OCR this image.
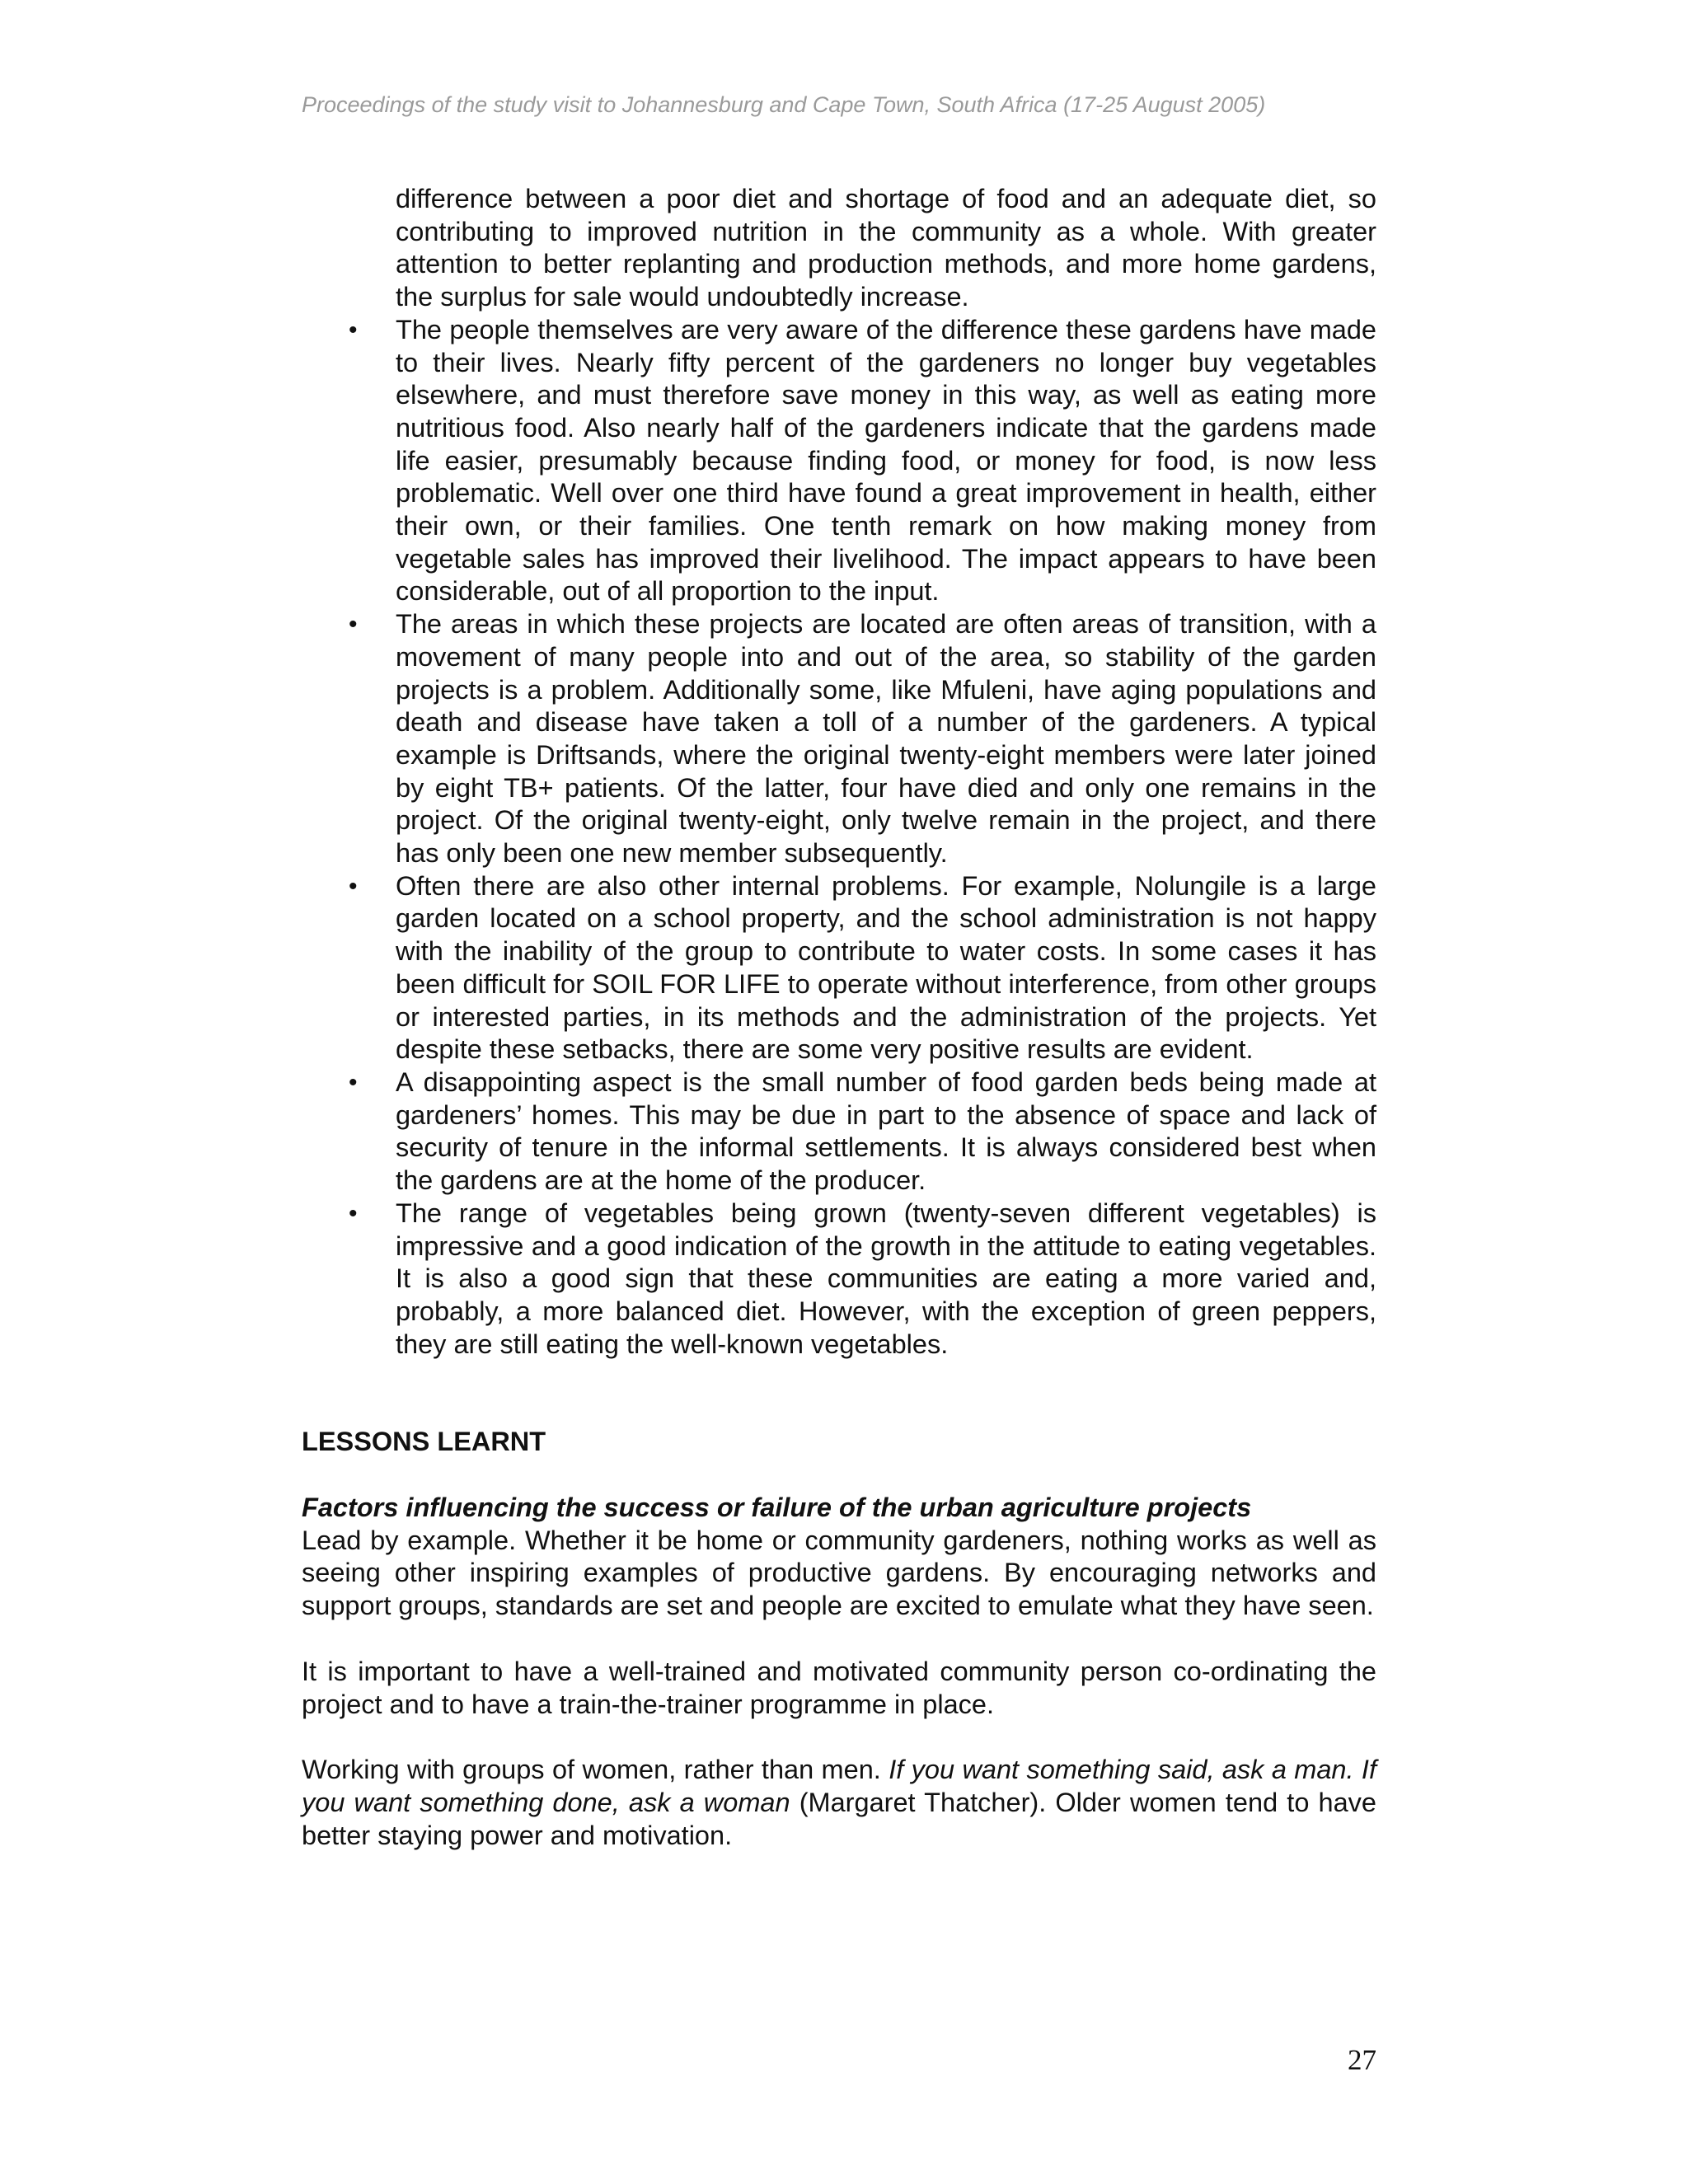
Proceedings of the study visit to Johannesburg and Cape Town, South Africa (17-25 August 2005)

difference between a poor diet and shortage of food and an adequate diet, so contributing to improved nutrition in the community as a whole. With greater attention to better replanting and production methods, and more home gardens, the surplus for sale would undoubtedly increase.

• The people themselves are very aware of the difference these gardens have made to their lives. Nearly fifty percent of the gardeners no longer buy vegetables elsewhere, and must therefore save money in this way, as well as eating more nutritious food. Also nearly half of the gardeners indicate that the gardens made life easier, presumably because finding food, or money for food, is now less problematic. Well over one third have found a great improvement in health, either their own, or their families. One tenth remark on how making money from vegetable sales has improved their livelihood. The impact appears to have been considerable, out of all proportion to the input.
• The areas in which these projects are located are often areas of transition, with a movement of many people into and out of the area, so stability of the garden projects is a problem. Additionally some, like Mfuleni, have aging populations and death and disease have taken a toll of a number of the gardeners. A typical example is Driftsands, where the original twenty-eight members were later joined by eight TB+ patients. Of the latter, four have died and only one remains in the project. Of the original twenty-eight, only twelve remain in the project, and there has only been one new member subsequently.
• Often there are also other internal problems. For example, Nolungile is a large garden located on a school property, and the school administration is not happy with the inability of the group to contribute to water costs. In some cases it has been difficult for SOIL FOR LIFE to operate without interference, from other groups or interested parties, in its methods and the administration of the projects. Yet despite these setbacks, there are some very positive results are evident.
• A disappointing aspect is the small number of food garden beds being made at gardeners’ homes. This may be due in part to the absence of space and lack of security of tenure in the informal settlements. It is always considered best when the gardens are at the home of the producer.
• The range of vegetables being grown (twenty-seven different vegetables) is impressive and a good indication of the growth in the attitude to eating vegetables. It is also a good sign that these communities are eating a more varied and, probably, a more balanced diet. However, with the exception of green peppers, they are still eating the well-known vegetables.

LESSONS LEARNT

Factors influencing the success or failure of the urban agriculture projects

Lead by example. Whether it be home or community gardeners, nothing works as well as seeing other inspiring examples of productive gardens. By encouraging networks and support groups, standards are set and people are excited to emulate what they have seen.

It is important to have a well-trained and motivated community person co-ordinating the project and to have a train-the-trainer programme in place.

Working with groups of women, rather than men. If you want something said, ask a man. If you want something done, ask a woman (Margaret Thatcher). Older women tend to have better staying power and motivation.

27
